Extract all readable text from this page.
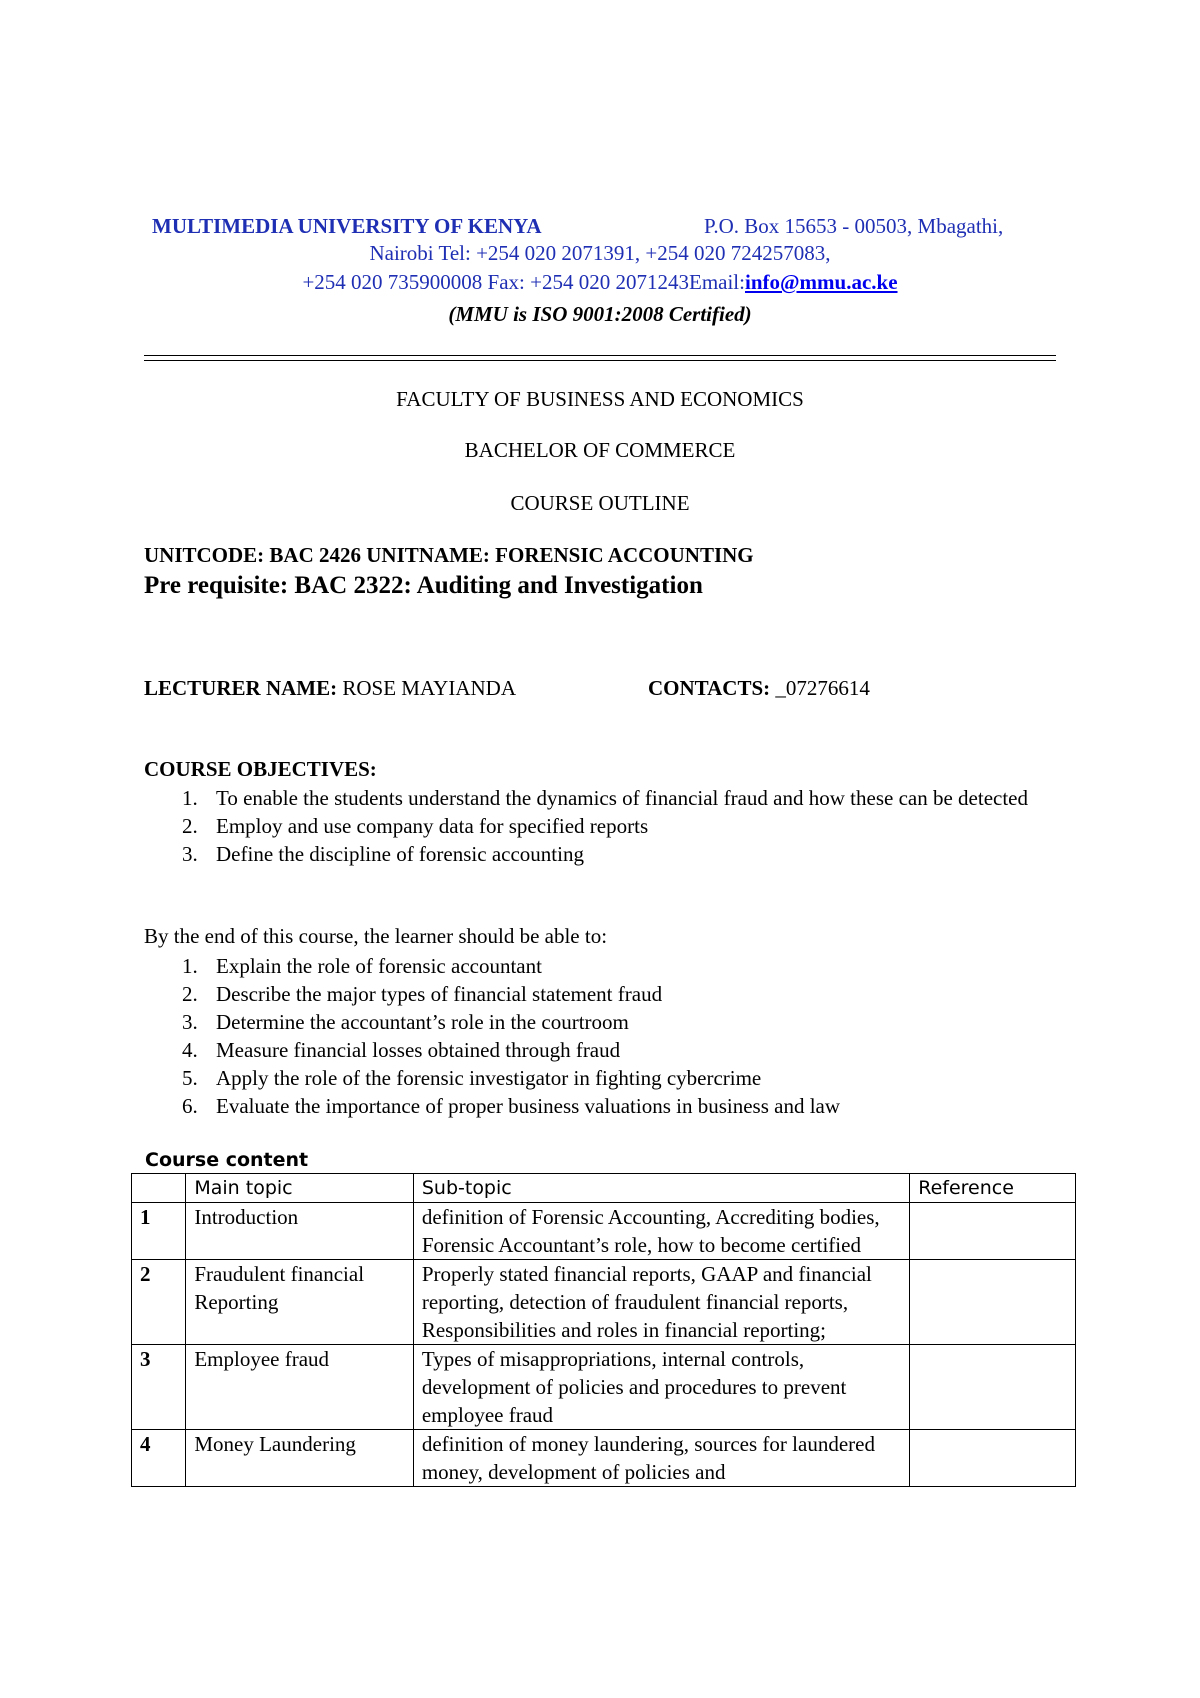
MULTIMEDIA UNIVERSITY OF KENYA	P.O. Box 15653 - 00503, Mbagathi,
Nairobi Tel: +254 020 2071391, +254 020 724257083,
+254 020 735900008 Fax: +254 020 2071243Email:info@mmu.ac.ke
(MMU is ISO 9001:2008 Certified)
FACULTY OF BUSINESS AND ECONOMICS
BACHELOR OF COMMERCE
COURSE OUTLINE
UNITCODE: BAC 2426 UNITNAME: FORENSIC ACCOUNTING
Pre requisite: BAC 2322: Auditing and Investigation
LECTURER NAME: ROSE MAYIANDA	CONTACTS: _07276614
COURSE OBJECTIVES:
1. To enable the students understand the dynamics of financial fraud and how these can be detected
2. Employ and use company data for specified reports
3. Define the discipline of forensic accounting
By the end of this course, the learner should be able to:
1. Explain the role of forensic accountant
2. Describe the major types of financial statement fraud
3. Determine the accountant’s role in the courtroom
4. Measure financial losses obtained through fraud
5. Apply the role of the forensic investigator in fighting cybercrime
6. Evaluate the importance of proper business valuations in business and law
Course content
	Main topic	Sub-topic	Reference
1	Introduction	definition of Forensic Accounting, Accrediting bodies, Forensic Accountant’s role, how to become certified	
2	Fraudulent financial Reporting	Properly stated financial reports, GAAP and financial reporting, detection of fraudulent financial reports, Responsibilities and roles in financial reporting;	
3	Employee fraud	Types of misappropriations, internal controls, development of policies and procedures to prevent employee fraud	
4	Money Laundering	definition of money laundering, sources for laundered money, development of policies and	
